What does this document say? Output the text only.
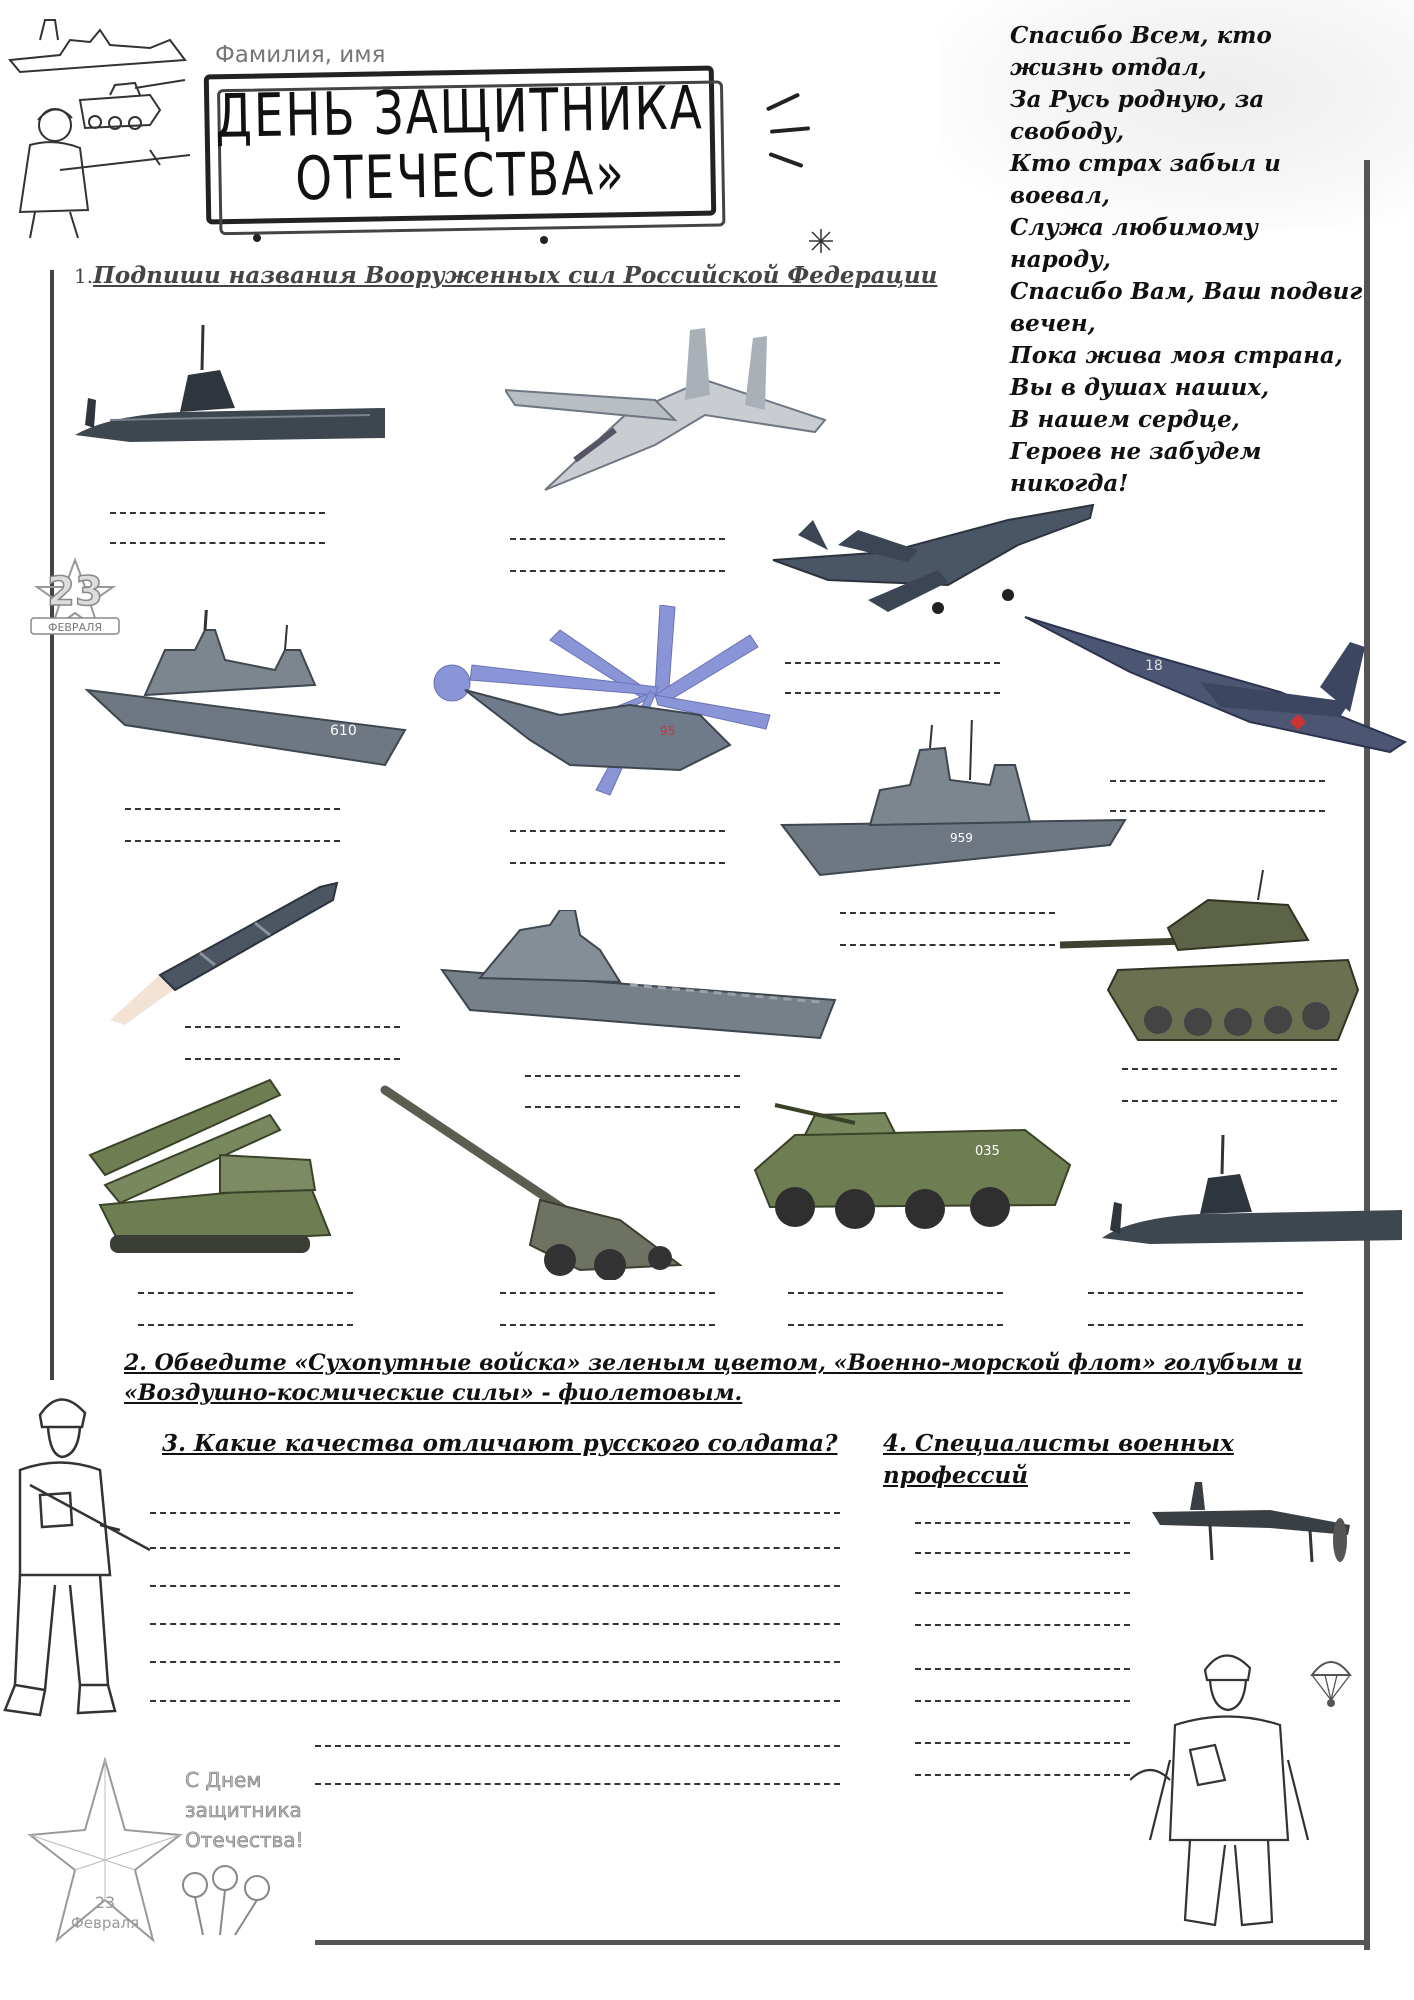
Фамилия, имя
ДЕНЬ ЗАЩИТНИКА
ОТЕЧЕСТВА»
Спасибо Всем, кто
жизнь отдал,
За Русь родную, за
свободу,
Кто страх забыл и
воевал,
Служа любимому
народу,
Спасибо Вам, Ваш подвиг
вечен,
Пока жива моя страна,
Вы в душах наших,
В нашем сердце,
Героев не забудем
никогда!
1.Подпиши названия Вооруженных сил Российской Федерации
23
ФЕВРАЛЯ
18
610	95
959
035
2. Обведите «Сухопутные войска» зеленым цветом, «Военно-морской флот» голубым и «Воздушно-космические силы» - фиолетовым.
3. Какие качества отличают русского солдата? 4. Специалисты военных профессий
23
Февраля
С Днем
защитника
Отечества!
